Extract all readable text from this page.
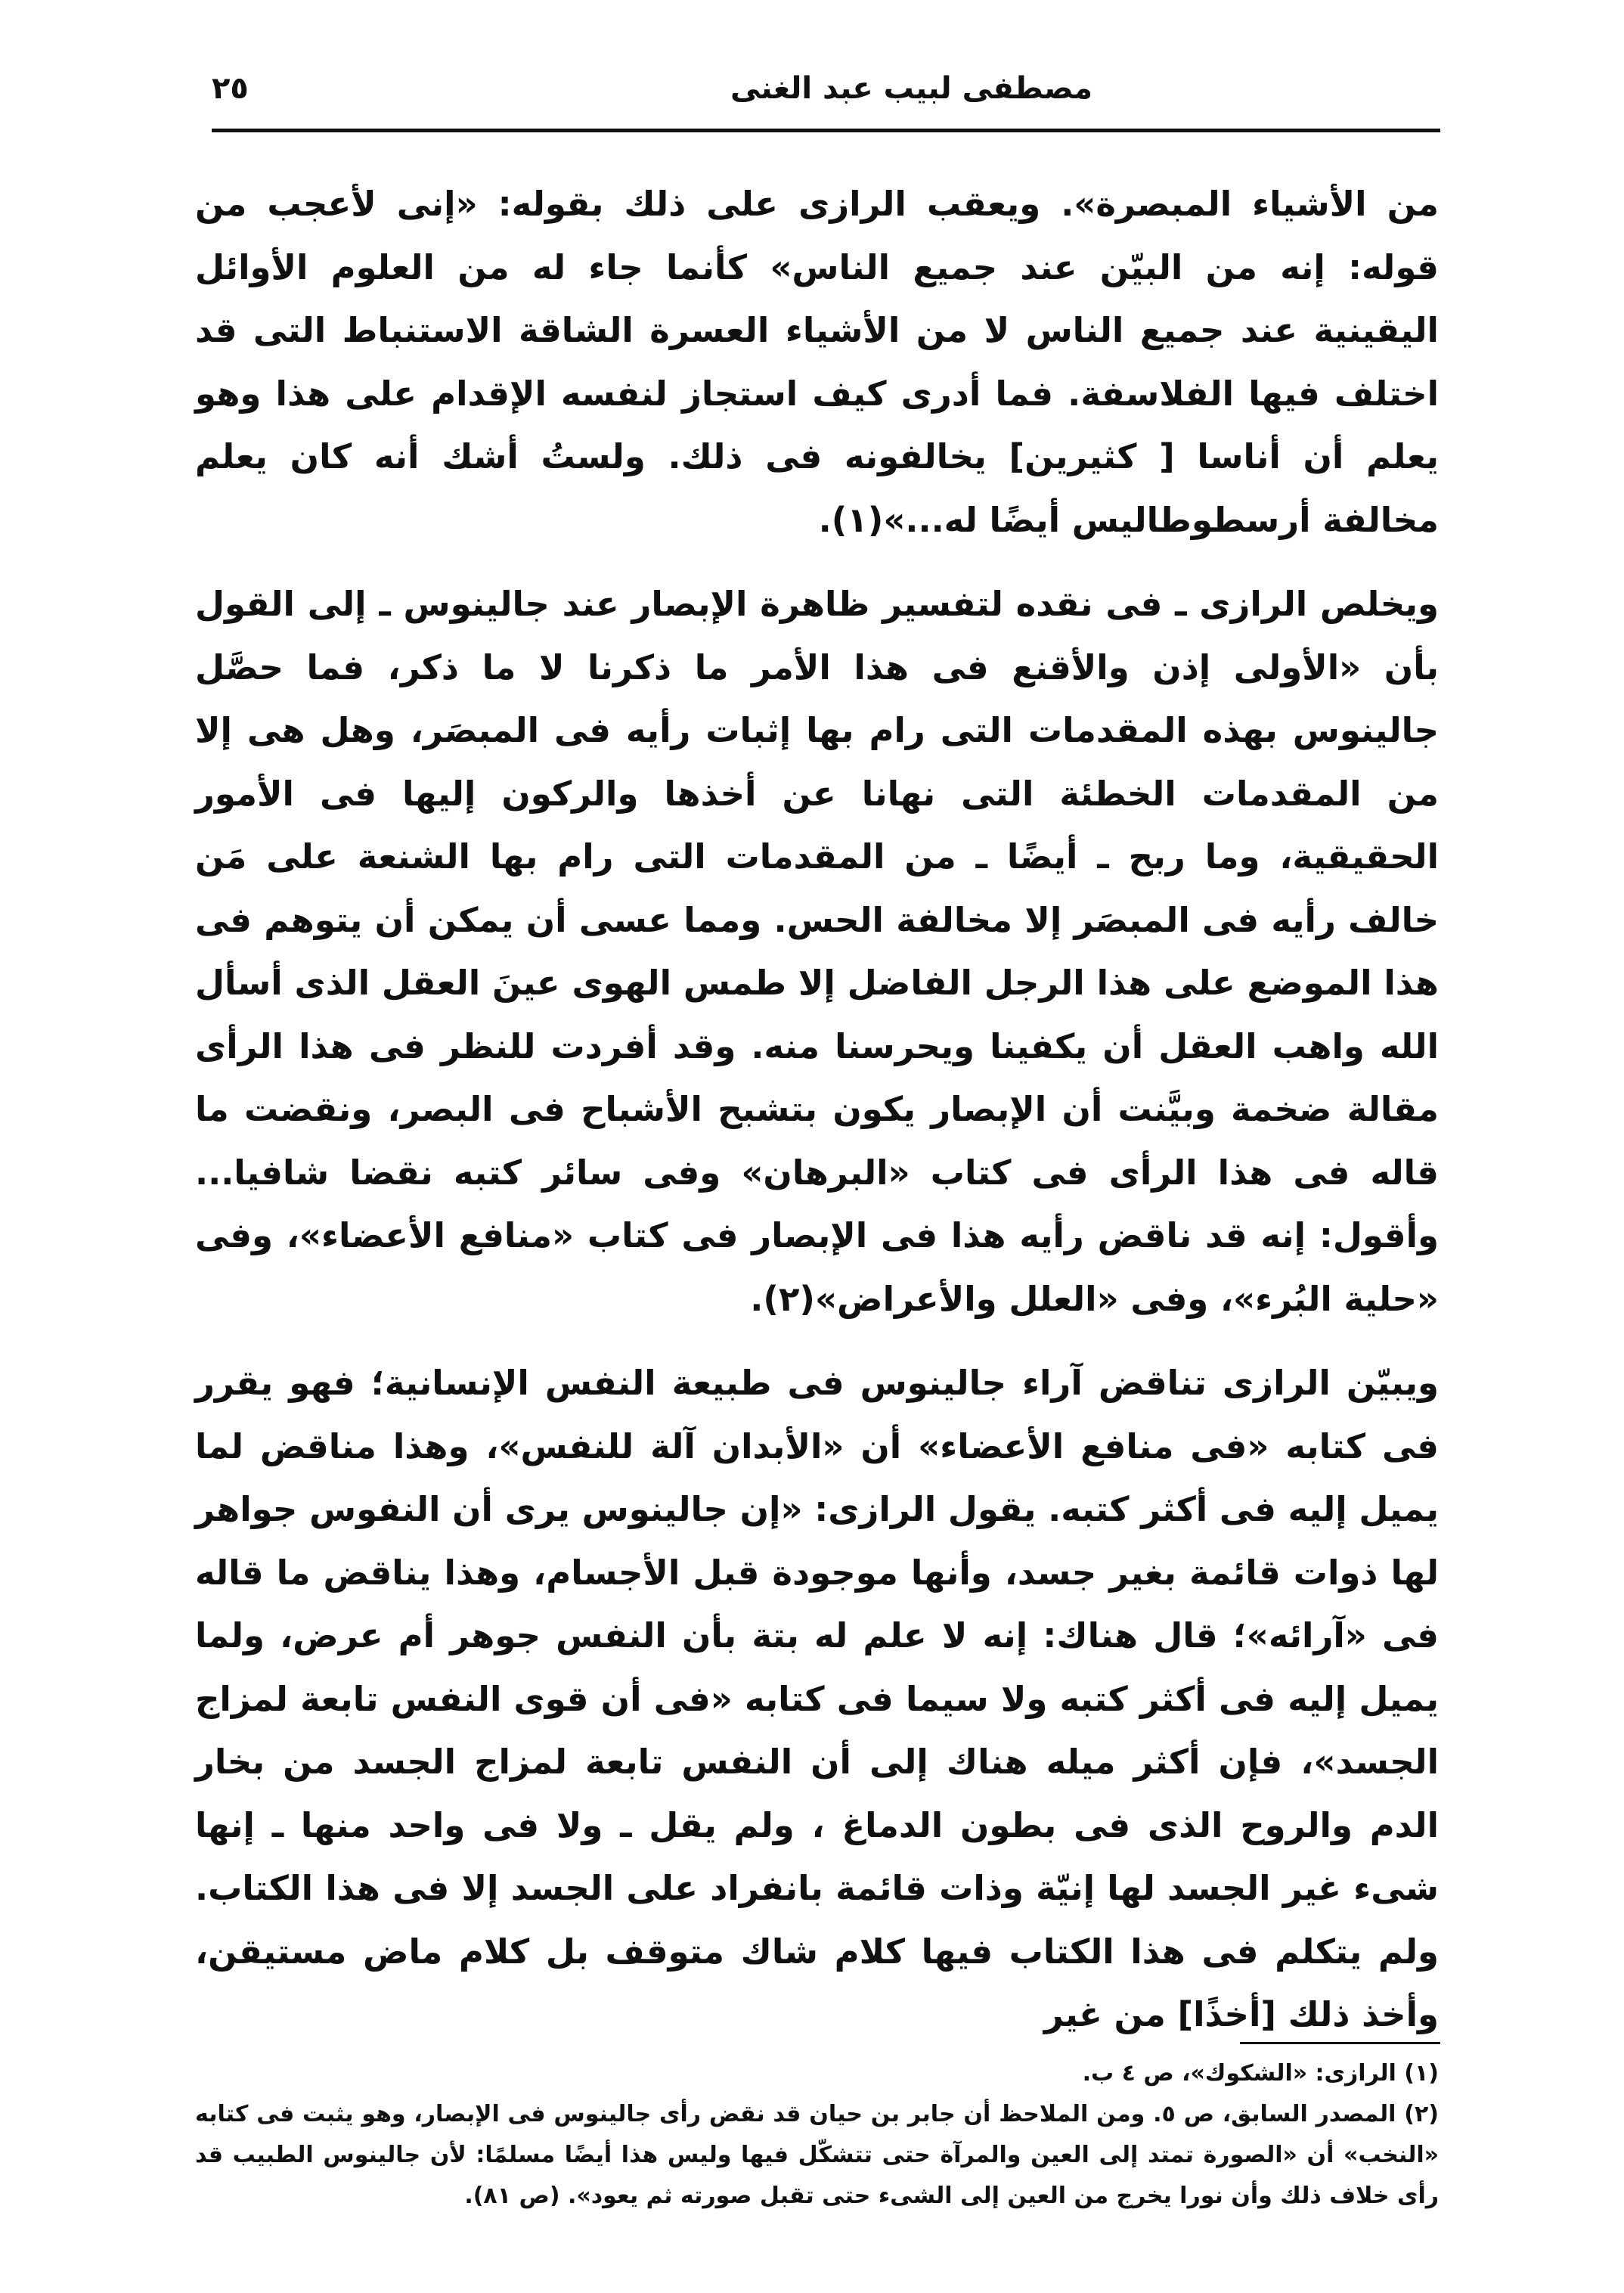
مصطفى لبيب عبد الغنى
٢٥

من الأشياء المبصرة». ويعقب الرازى على ذلك بقوله: «إنى لأعجب من قوله: إنه من البيّن عند جميع الناس» كأنما جاء له من العلوم الأوائل اليقينية عند جميع الناس لا من الأشياء العسرة الشاقة الاستنباط التى قد اختلف فيها الفلاسفة. فما أدرى كيف استجاز لنفسه الإقدام على هذا وهو يعلم أن أناسا [ كثيرين] يخالفونه فى ذلك. ولستُ أشك أنه كان يعلم مخالفة أرسطوطاليس أيضًا له...»(١).

ويخلص الرازى ـ فى نقده لتفسير ظاهرة الإبصار عند جالينوس ـ إلى القول بأن «الأولى إذن والأقنع فى هذا الأمر ما ذكرنا لا ما ذكر، فما حصَّل جالينوس بهذه المقدمات التى رام بها إثبات رأيه فى المبصَر، وهل هى إلا من المقدمات الخطئة التى نهانا عن أخذها والركون إليها فى الأمور الحقيقية، وما ربح ـ أيضًا ـ من المقدمات التى رام بها الشنعة على مَن خالف رأيه فى المبصَر إلا مخالفة الحس. ومما عسى أن يمكن أن يتوهم فى هذا الموضع على هذا الرجل الفاضل إلا طمس الهوى عينَ العقل الذى أسأل الله واهب العقل أن يكفينا ويحرسنا منه. وقد أفردت للنظر فى هذا الرأى مقالة ضخمة وبيَّنت أن الإبصار يكون بتشبح الأشباح فى البصر، ونقضت ما قاله فى هذا الرأى فى كتاب «البرهان» وفى سائر كتبه نقضا شافيا... وأقول: إنه قد ناقض رأيه هذا فى الإبصار فى كتاب «منافع الأعضاء»، وفى «حلية البُرء»، وفى «العلل والأعراض»(٢).

ويبيّن الرازى تناقض آراء جالينوس فى طبيعة النفس الإنسانية؛ فهو يقرر فى كتابه «فى منافع الأعضاء» أن «الأبدان آلة للنفس»، وهذا مناقض لما يميل إليه فى أكثر كتبه. يقول الرازى: «إن جالينوس يرى أن النفوس جواهر لها ذوات قائمة بغير جسد، وأنها موجودة قبل الأجسام، وهذا يناقض ما قاله فى «آرائه»؛ قال هناك: إنه لا علم له بتة بأن النفس جوهر أم عرض، ولما يميل إليه فى أكثر كتبه ولا سيما فى كتابه «فى أن قوى النفس تابعة لمزاج الجسد»، فإن أكثر ميله هناك إلى أن النفس تابعة لمزاج الجسد من بخار الدم والروح الذى فى بطون الدماغ ، ولم يقل ـ ولا فى واحد منها ـ إنها شىء غير الجسد لها إنيّة وذات قائمة بانفراد على الجسد إلا فى هذا الكتاب. ولم يتكلم فى هذا الكتاب فيها كلام شاك متوقف بل كلام ماض مستيقن، وأخذ ذلك [أخذًا] من غير

(١) الرازى: «الشكوك»، ص ٤ ب.

(٢) المصدر السابق، ص ٥. ومن الملاحظ أن جابر بن حيان قد نقض رأى جالينوس فى الإبصار، وهو يثبت فى كتابه «النخب» أن «الصورة تمتد إلى العين والمرآة حتى تتشكّل فيها وليس هذا أيضًا مسلمًا: لأن جالينوس الطبيب قد رأى خلاف ذلك وأن نورا يخرج من العين إلى الشىء حتى تقبل صورته ثم يعود». (ص ٨١).
